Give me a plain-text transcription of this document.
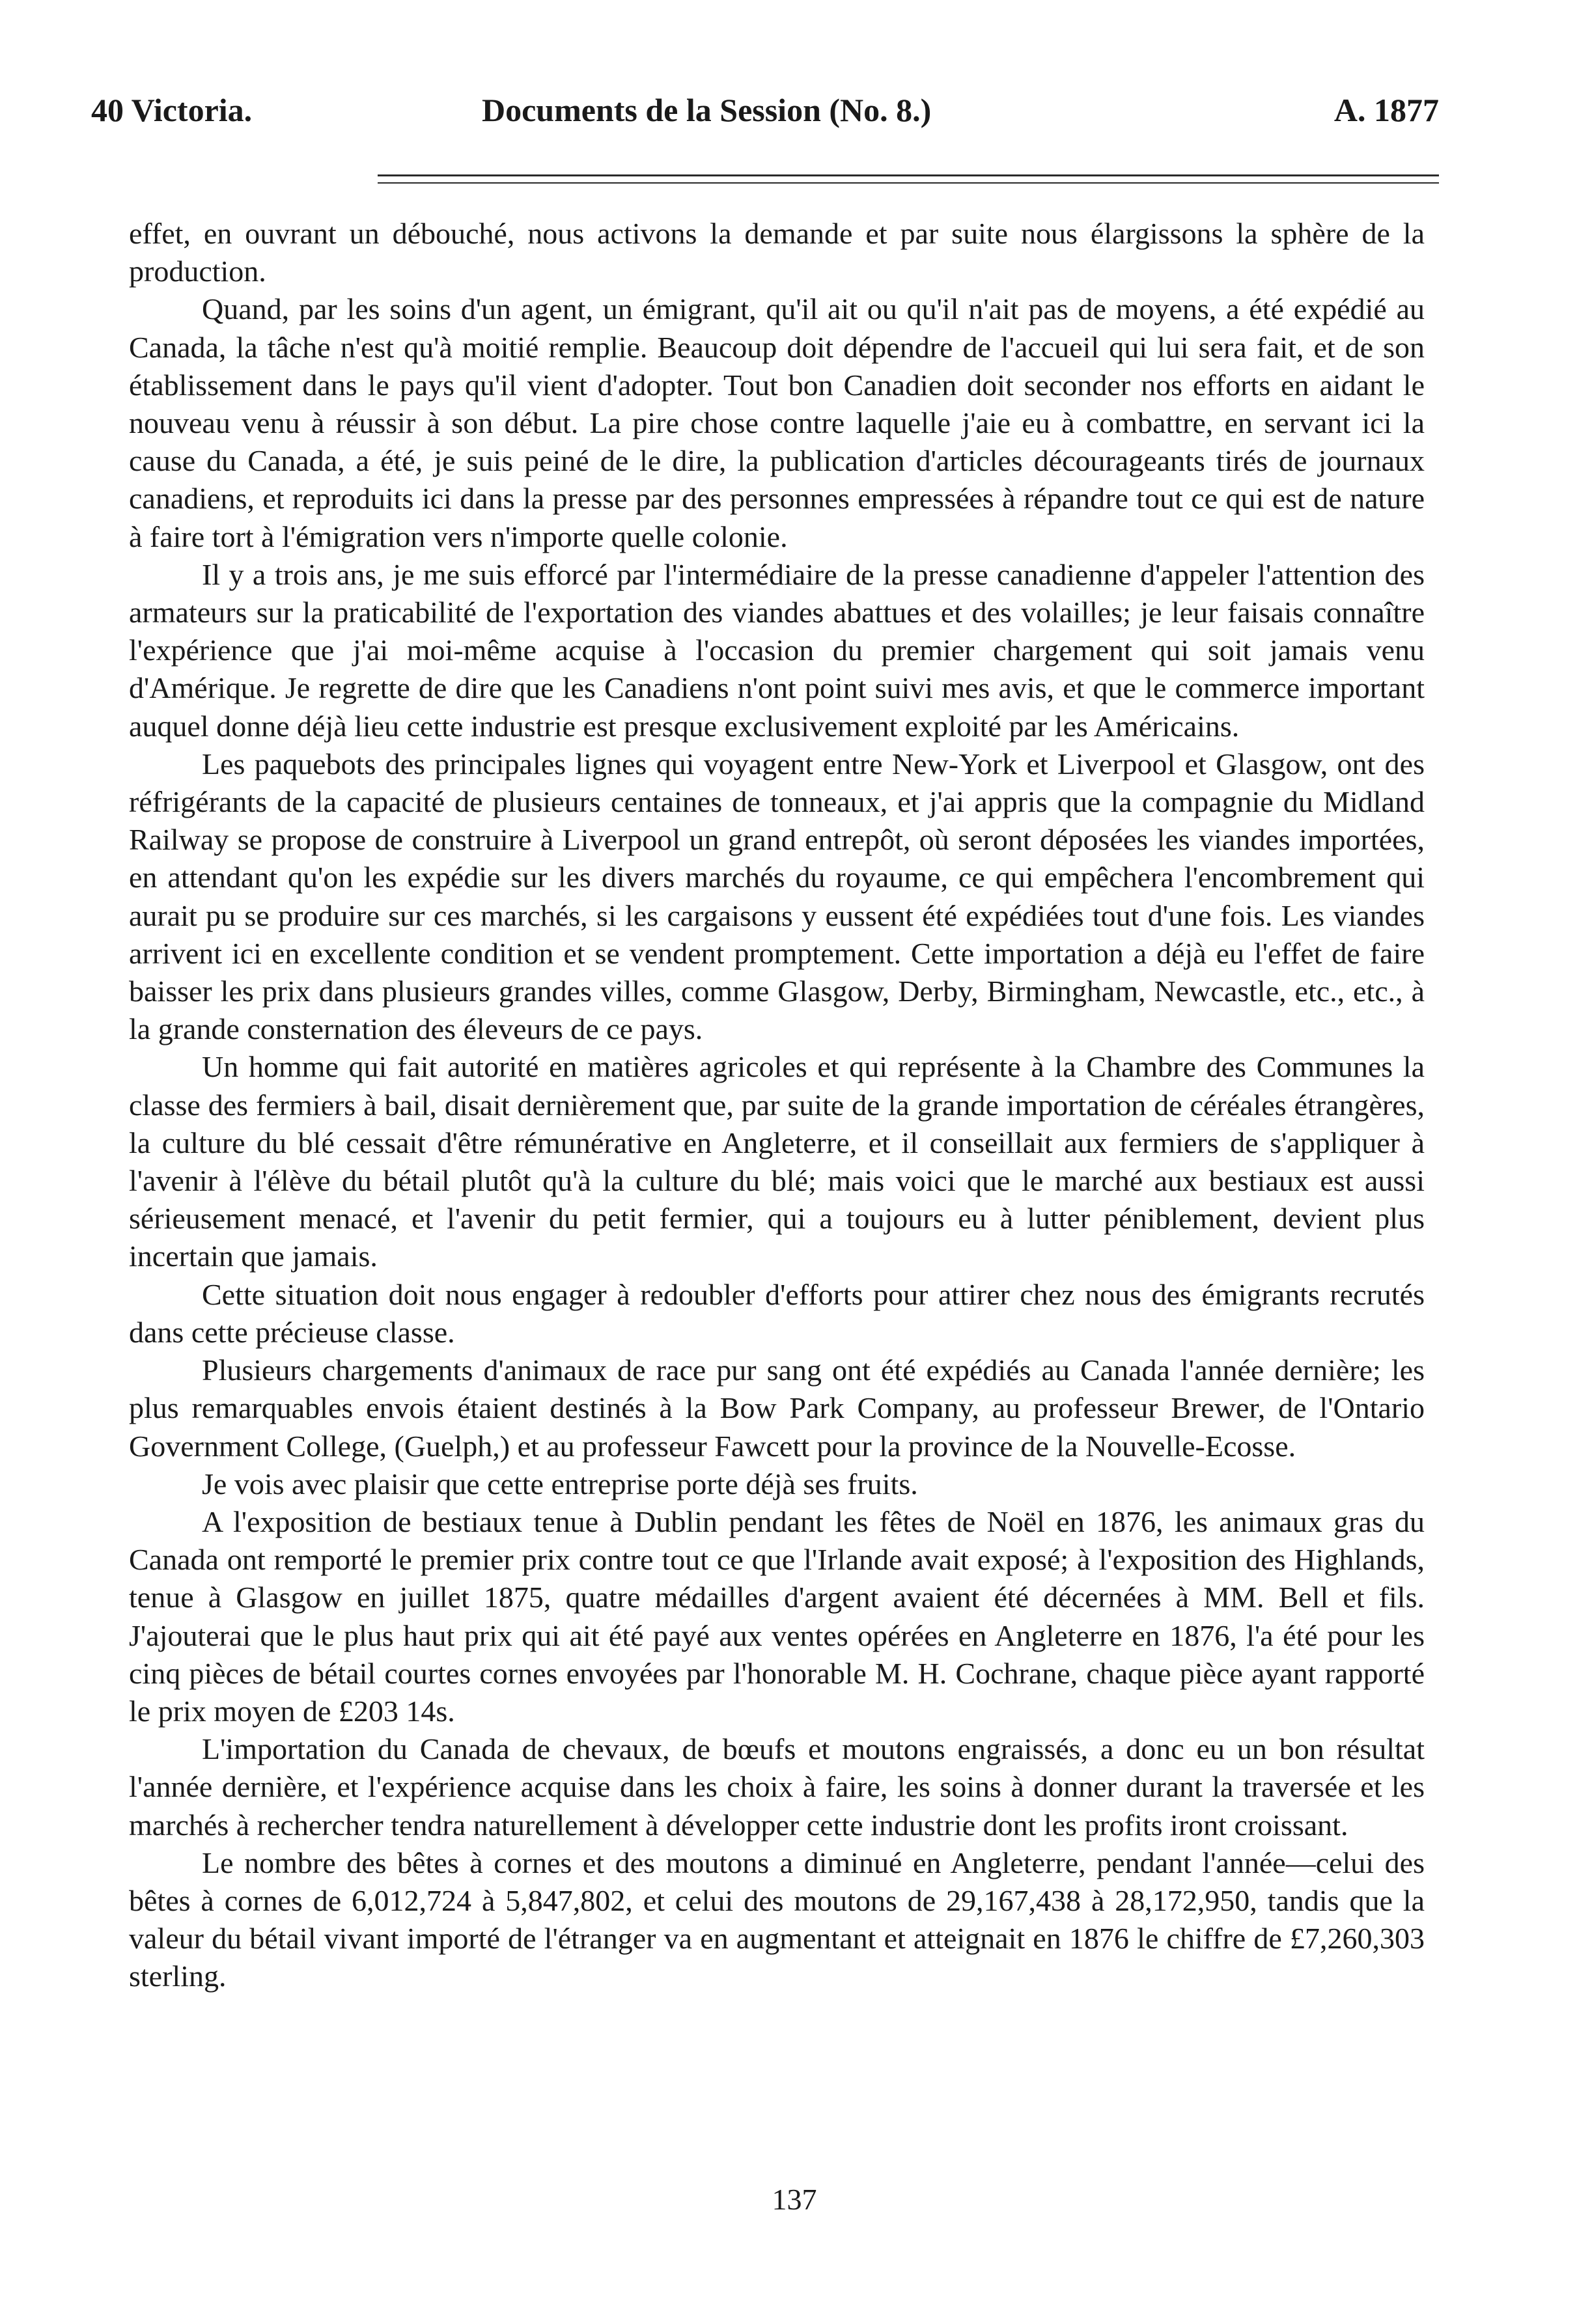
40 Victoria.	Documents de la Session (No. 8.)	A. 1877

effet, en ouvrant un débouché, nous activons la demande et par suite nous élargissons la sphère de la production.

Quand, par les soins d'un agent, un émigrant, qu'il ait ou qu'il n'ait pas de moyens, a été expédié au Canada, la tâche n'est qu'à moitié remplie. Beaucoup doit dépendre de l'accueil qui lui sera fait, et de son établissement dans le pays qu'il vient d'adopter. Tout bon Canadien doit seconder nos efforts en aidant le nouveau venu à réussir à son début. La pire chose contre laquelle j'aie eu à combattre, en servant ici la cause du Canada, a été, je suis peiné de le dire, la publication d'articles décourageants tirés de journaux canadiens, et reproduits ici dans la presse par des personnes empressées à répandre tout ce qui est de nature à faire tort à l'émigration vers n'importe quelle colonie.

Il y a trois ans, je me suis efforcé par l'intermédiaire de la presse canadienne d'appeler l'attention des armateurs sur la praticabilité de l'exportation des viandes abattues et des volailles; je leur faisais connaître l'expérience que j'ai moi-même acquise à l'occasion du premier chargement qui soit jamais venu d'Amérique. Je regrette de dire que les Canadiens n'ont point suivi mes avis, et que le commerce important auquel donne déjà lieu cette industrie est presque exclusivement exploité par les Américains.

Les paquebots des principales lignes qui voyagent entre New-York et Liverpool et Glasgow, ont des réfrigérants de la capacité de plusieurs centaines de tonneaux, et j'ai appris que la compagnie du Midland Railway se propose de construire à Liverpool un grand entrepôt, où seront déposées les viandes importées, en attendant qu'on les expédie sur les divers marchés du royaume, ce qui empêchera l'encombrement qui aurait pu se produire sur ces marchés, si les cargaisons y eussent été expédiées tout d'une fois. Les viandes arrivent ici en excellente condition et se vendent promptement. Cette importation a déjà eu l'effet de faire baisser les prix dans plusieurs grandes villes, comme Glasgow, Derby, Birmingham, Newcastle, etc., etc., à la grande consternation des éleveurs de ce pays.

Un homme qui fait autorité en matières agricoles et qui représente à la Chambre des Communes la classe des fermiers à bail, disait dernièrement que, par suite de la grande importation de céréales étrangères, la culture du blé cessait d'être rémunérative en Angleterre, et il conseillait aux fermiers de s'appliquer à l'avenir à l'élève du bétail plutôt qu'à la culture du blé; mais voici que le marché aux bestiaux est aussi sérieusement menacé, et l'avenir du petit fermier, qui a toujours eu à lutter péniblement, devient plus incertain que jamais.

Cette situation doit nous engager à redoubler d'efforts pour attirer chez nous des émigrants recrutés dans cette précieuse classe.

Plusieurs chargements d'animaux de race pur sang ont été expédiés au Canada l'année dernière; les plus remarquables envois étaient destinés à la Bow Park Company, au professeur Brewer, de l'Ontario Government College, (Guelph,) et au professeur Fawcett pour la province de la Nouvelle-Ecosse.

Je vois avec plaisir que cette entreprise porte déjà ses fruits.

A l'exposition de bestiaux tenue à Dublin pendant les fêtes de Noël en 1876, les animaux gras du Canada ont remporté le premier prix contre tout ce que l'Irlande avait exposé; à l'exposition des Highlands, tenue à Glasgow en juillet 1875, quatre médailles d'argent avaient été décernées à MM. Bell et fils. J'ajouterai que le plus haut prix qui ait été payé aux ventes opérées en Angleterre en 1876, l'a été pour les cinq pièces de bétail courtes cornes envoyées par l'honorable M. H. Cochrane, chaque pièce ayant rapporté le prix moyen de £203 14s.

L'importation du Canada de chevaux, de bœufs et moutons engraissés, a donc eu un bon résultat l'année dernière, et l'expérience acquise dans les choix à faire, les soins à donner durant la traversée et les marchés à rechercher tendra naturellement à développer cette industrie dont les profits iront croissant.

Le nombre des bêtes à cornes et des moutons a diminué en Angleterre, pendant l'année—celui des bêtes à cornes de 6,012,724 à 5,847,802, et celui des moutons de 29,167,438 à 28,172,950, tandis que la valeur du bétail vivant importé de l'étranger va en augmentant et atteignait en 1876 le chiffre de £7,260,303 sterling.

137
